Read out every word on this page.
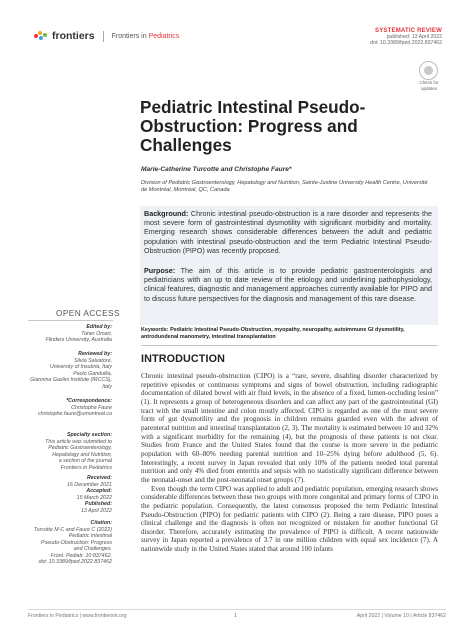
frontiers Frontiers in Pediatrics
SYSTEMATIC REVIEW
published: 13 April 2022
doi: 10.3389/fped.2022.837462
Check for updates
Pediatric Intestinal Pseudo-Obstruction: Progress and Challenges
Marie-Catherine Turcotte and Christophe Faure*
Division of Pediatric Gastroenterology, Hepatology and Nutrition, Sainte-Justine University Health Centre, Université de Montréal, Montréal, QC, Canada
Background: Chronic intestinal pseudo-obstruction is a rare disorder and represents the most severe form of gastrointestinal dysmotility with significant morbidity and mortality. Emerging research shows considerable differences between the adult and pediatric population with intestinal pseudo-obstruction and the term Pediatric Intestinal Pseudo-Obstruction (PIPO) was recently proposed.
Purpose: The aim of this article is to provide pediatric gastroenterologists and pediatricians with an up to date review of the etiology and underlining pathophysiology, clinical features, diagnostic and management approaches currently available for PIPO and to discuss future perspectives for the diagnosis and management of this rare disease.
Keywords: Pediatric Intestinal Pseudo-Obstruction, myopathy, neuropathy, autoimmune GI dysmotility, antroduodenal manometry, intestinal transplantation
INTRODUCTION

Chronic intestinal pseudo-obstruction (CIPO) is a “rare, severe, disabling disorder characterized by repetitive episodes or continuous symptoms and signs of bowel obstruction, including radiographic documentation of dilated bowel with air fluid levels, in the absence of a fixed, lumen-occluding lesion” (1). It represents a group of heterogeneous disorders and can affect any part of the gastrointestinal (GI) tract with the small intestine and colon mostly affected. CIPO is regarded as one of the most severe form of gut dysmotility and the prognosis in children remains guarded even with the advent of parenteral nutrition and intestinal transplantation (2, 3). The mortality is estimated between 10 and 32% with a significant morbidity for the remaining (4), but the prognosis of these patients is not clear. Studies from France and the United States found that the course is more severe in the pediatric population with 60–80% needing parental nutrition and 10–25% dying before adulthood (5, 6). Interestingly, a recent survey in Japan revealed that only 10% of the patients needed total parental nutrition and only 4% died from enteritis and sepsis with no statistically significant difference between the neonatal-onset and the post-neonatal onset groups (7).

Even though the term CIPO was applied to adult and pediatric population, emerging research shows considerable differences between these two groups with more congenital and primary forms of CIPO in the pediatric population. Consequently, the latest consensus proposed the term Pediatric Intestinal Pseudo-Obstruction (PIPO) for pediatric patients with CIPO (2). Being a rare disease, PIPO poses a clinical challenge and the diagnosis is often not recognized or mistaken for another functional GI disorder. Therefore, accurately estimating the prevalence of PIPO is difficult. A recent nationwide survey in Japan reported a prevalence of 3.7 in one million children with equal sex incidence (7). A nationwide study in the United States stated that around 100 infants

OPEN ACCESS
Edited by:
Taher Omari,
Flinders University, Australia
Reviewed by:
Silvia Salvatore,
University of Insubria, Italy
Paolo Gandullia,
Giannina Gaslini Institute (IRCCS),
Italy
*Correspondence:
Christophe Faure
christophe.faure@umontreal.ca
Specialty section:
This article was submitted to
Pediatric Gastroenterology,
Hepatology and Nutrition,
a section of the journal
Frontiers in Pediatrics
Received:
16 December 2021
Accepted:
15 March 2022
Published:
13 April 2022
Citation:
Turcotte M-C and Faure C (2022)
Pediatric Intestinal
Pseudo-Obstruction: Progress
and Challenges.
Front. Pediatr. 10:837462.
doi: 10.3389/fped.2022.837462
Frontiers in Pediatrics | www.frontiersin.org	1	April 2022 | Volume 10 | Article 837462
